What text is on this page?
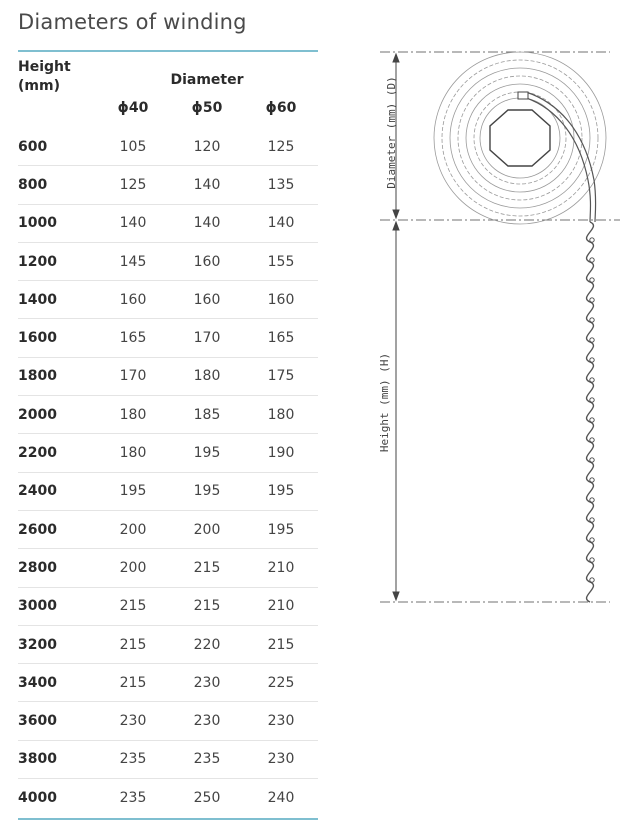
Diameters of winding
Height
(mm)	Diameter		
	ϕ40	ϕ50	ϕ60
600	105	120	125
800	125	140	135
1000	140	140	140
1200	145	160	155
1400	160	160	160
1600	165	170	165
1800	170	180	175
2000	180	185	180
2200	180	195	190
2400	195	195	195
2600	200	200	195
2800	200	215	210
3000	215	215	210
3200	215	220	215
3400	215	230	225
3600	230	230	230
3800	235	235	230
4000	235	250	240
Diameter (mm) (D)
Height (mm) (H)
